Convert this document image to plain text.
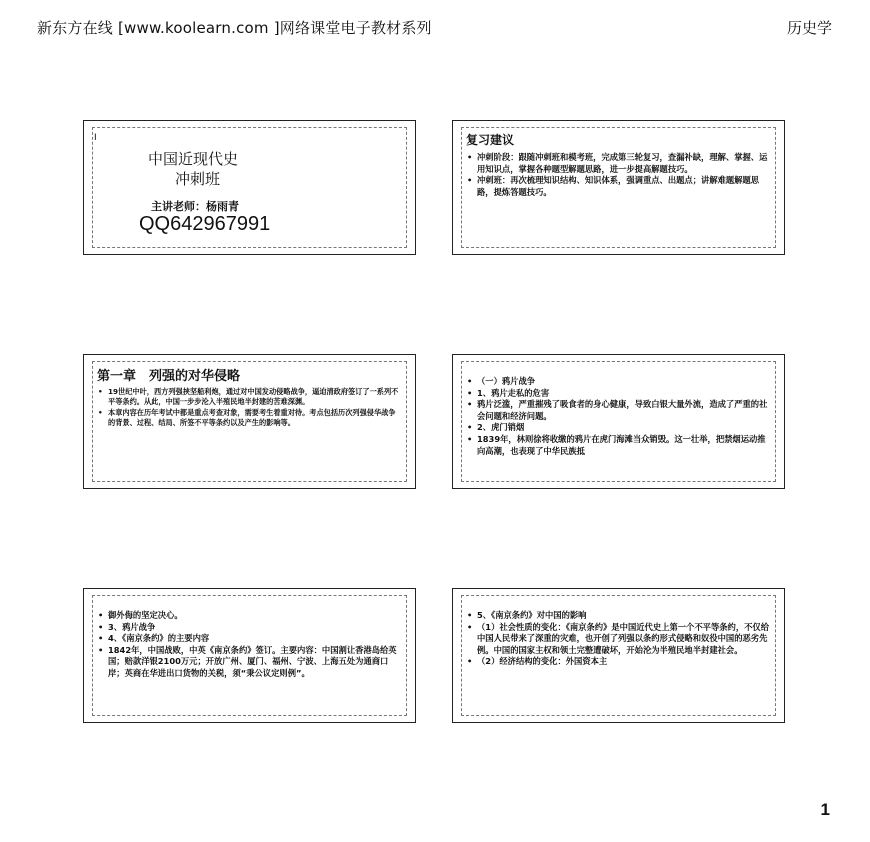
新东方在线 [www.koolearn.com ]网络课堂电子教材系列	历史学
I
中国近现代史
冲刺班
主讲老师：杨雨青
QQ642967991
复习建议
• 冲刺阶段：跟随冲刺班和模考班，完成第三轮复习，查漏补缺，理解、掌握、运用知识点，掌握各种题型解题思路，进一步提高解题技巧。
• 冲刺班：再次梳理知识结构、知识体系，强调重点、出题点；讲解难题解题思路，提炼答题技巧。
第一章　列强的对华侵略
• 19世纪中叶，西方列强挟坚船利炮，通过对中国发动侵略战争，逼迫清政府签订了一系列不平等条约。从此，中国一步步沦入半殖民地半封建的苦难深渊。
• 本章内容在历年考试中都是重点考查对象，需要考生着重对待。考点包括历次列强侵华战争的背景、过程、结局、所签不平等条约以及产生的影响等。
• （一）鸦片战争
• 1、鸦片走私的危害
• 鸦片泛滥，严重摧残了吸食者的身心健康，导致白银大量外流，造成了严重的社会问题和经济问题。
• 2、虎门销烟
• 1839年，林则徐将收缴的鸦片在虎门海滩当众销毁。这一壮举，把禁烟运动推向高潮，也表现了中华民族抵
• 御外侮的坚定决心。
• 3、鸦片战争
• 4、《南京条约》的主要内容
• 1842年，中国战败，中英《南京条约》签订。主要内容：中国割让香港岛给英国；赔款洋银2100万元；开放广州、厦门、福州、宁波、上海五处为通商口岸；英商在华进出口货物的关税，须“秉公议定则例”。
• 5、《南京条约》对中国的影响
• （1）社会性质的变化：《南京条约》是中国近代史上第一个不平等条约，不仅给中国人民带来了深重的灾难，也开创了列强以条约形式侵略和奴役中国的恶劣先例。中国的国家主权和领土完整遭破坏，开始沦为半殖民地半封建社会。
• （2）经济结构的变化：外国资本主
1
